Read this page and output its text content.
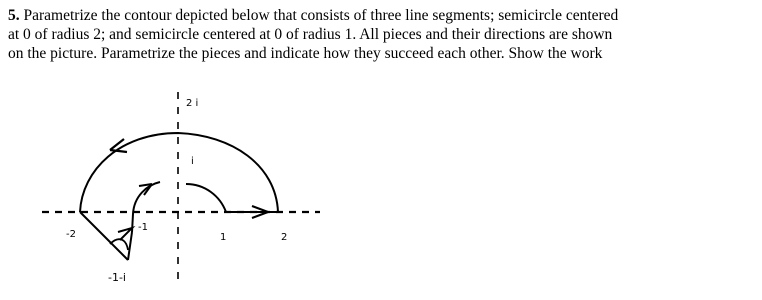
5. Parametrize the contour depicted below that consists of three line segments; semicircle centered
at 0 of radius 2; and semicircle centered at 0 of radius 1. All pieces and their directions are shown
on the picture. Parametrize the pieces and indicate how they succeed each other. Show the work
2 i
i
-2
-1
1	2
-1-i
